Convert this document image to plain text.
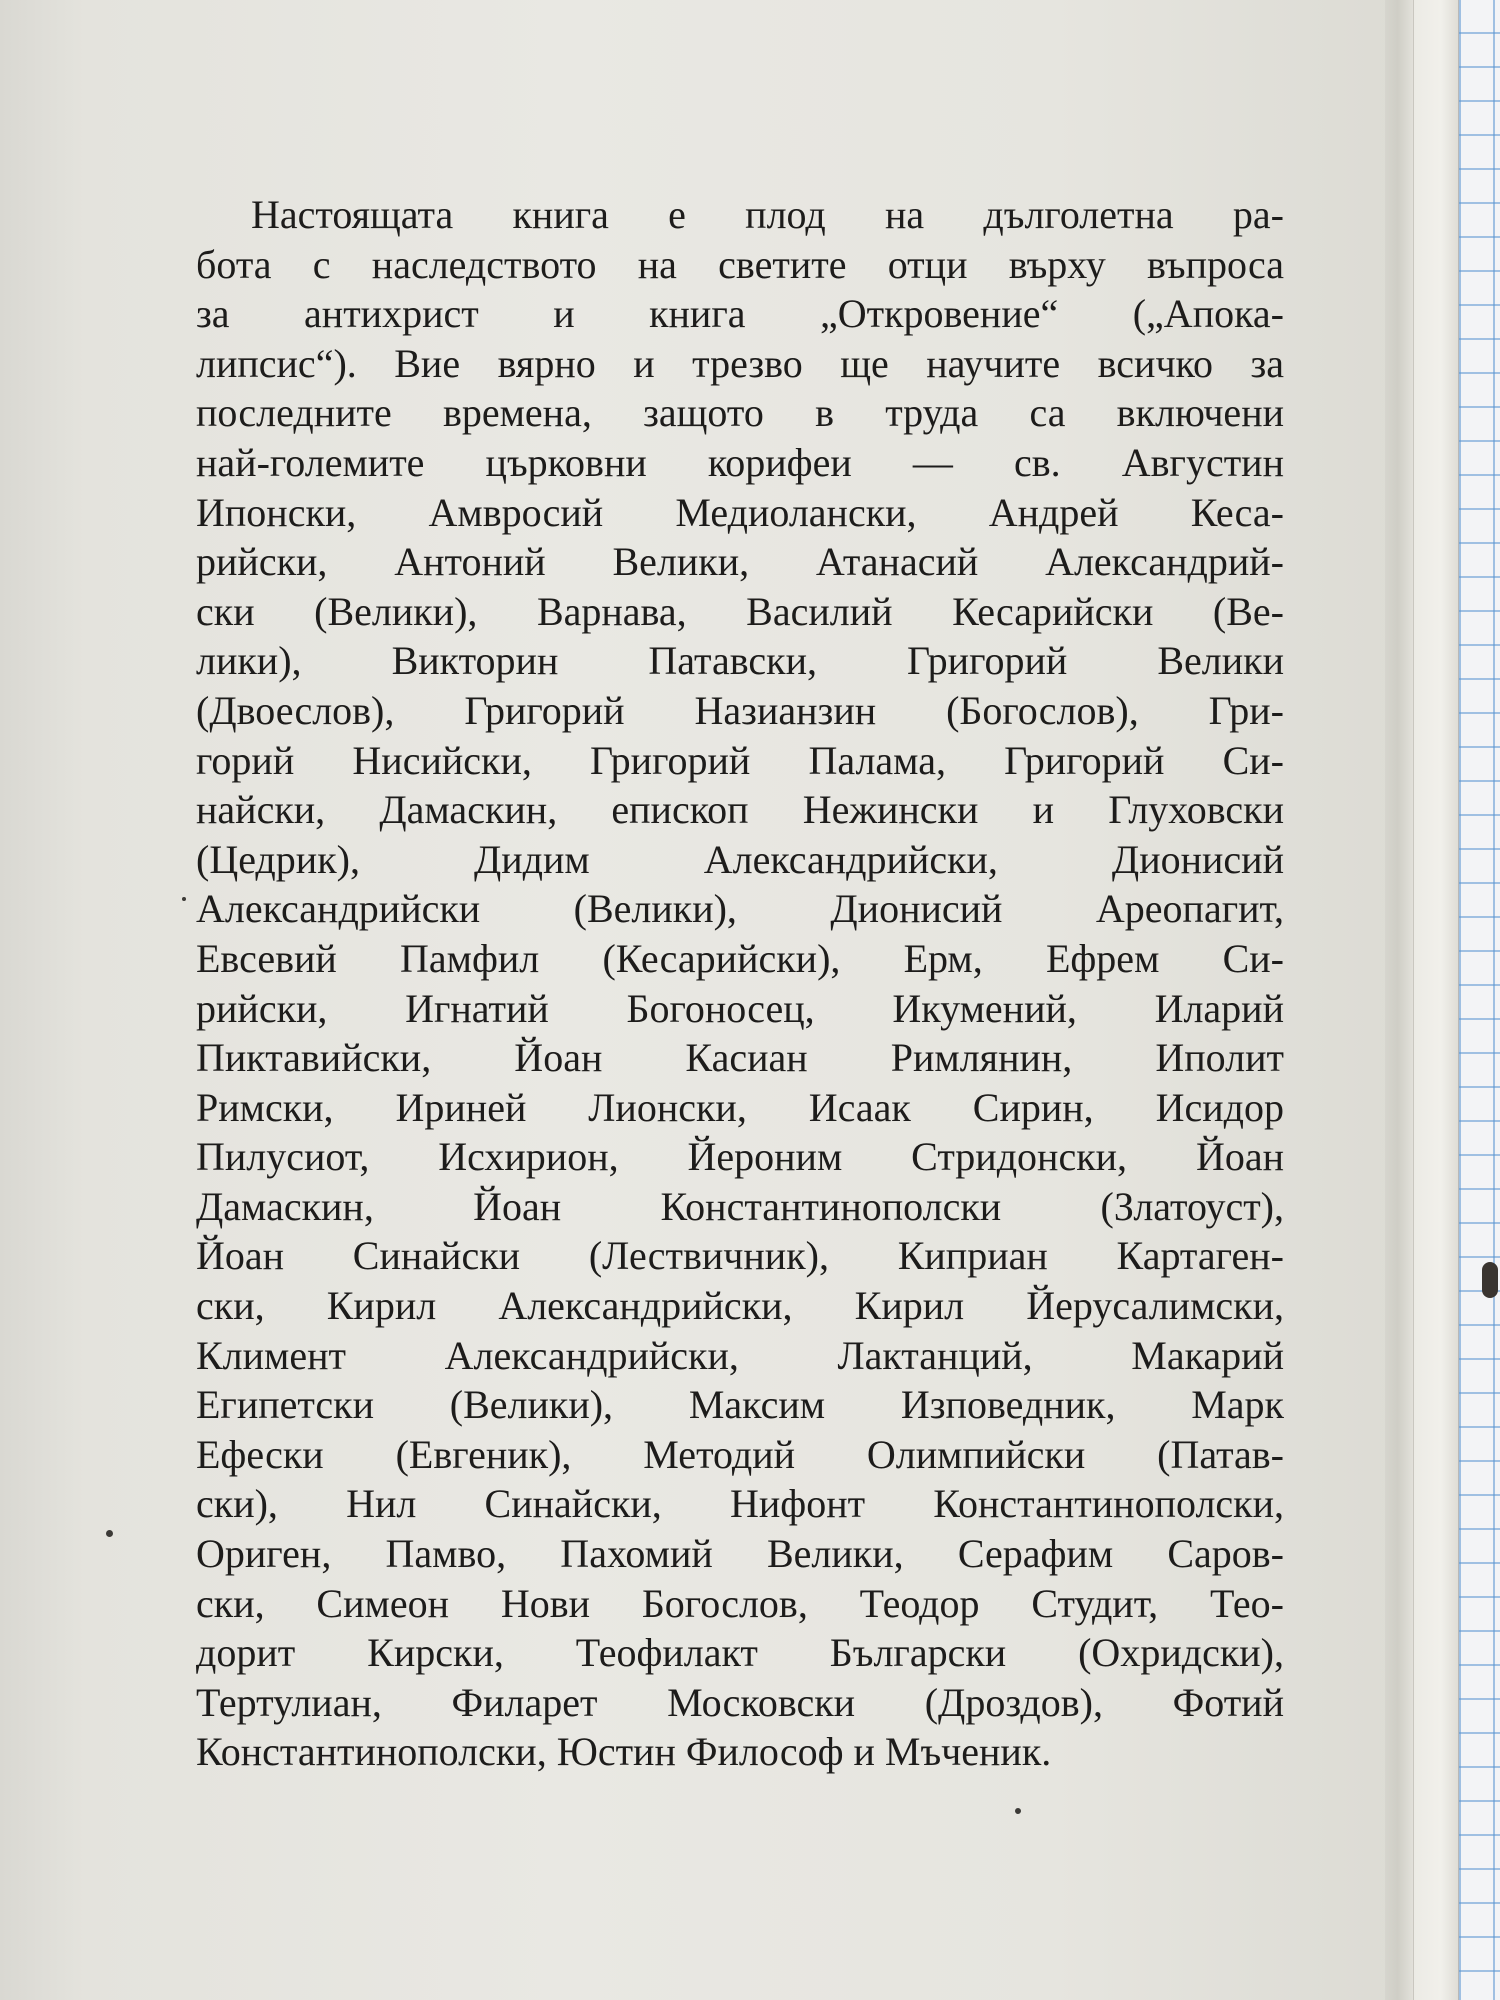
Настоящата книга е плод на дълголетна ра-
бота с наследството на светите отци върху въпроса
за антихрист и книга „Откровение“ („Апока-
липсис“). Вие вярно и трезво ще научите всичко за
последните времена, защото в труда са включени
най-големите църковни корифеи — св. Августин
Ипонски, Амвросий Медиолански, Андрей Кеса-
рийски, Антоний Велики, Атанасий Александрий-
ски (Велики), Варнава, Василий Кесарийски (Ве-
лики), Викторин Патавски, Григорий Велики
(Двоеслов), Григорий Назианзин (Богослов), Гри-
горий Нисийски, Григорий Палама, Григорий Си-
найски, Дамаскин, епископ Нежински и Глуховски
(Цедрик), Дидим Александрийски, Дионисий
Александрийски (Велики), Дионисий Ареопагит,
Евсевий Памфил (Кесарийски), Ерм, Ефрем Си-
рийски, Игнатий Богоносец, Икумений, Иларий
Пиктавийски, Йоан Касиан Римлянин, Иполит
Римски, Ириней Лионски, Исаак Сирин, Исидор
Пилусиот, Исхирион, Йероним Стридонски, Йоан
Дамаскин, Йоан Константинополски (Златоуст),
Йоан Синайски (Лествичник), Киприан Картаген-
ски, Кирил Александрийски, Кирил Йерусалимски,
Климент Александрийски, Лактанций, Макарий
Египетски (Велики), Максим Изповедник, Марк
Ефески (Евгеник), Методий Олимпийски (Патав-
ски), Нил Синайски, Нифонт Константинополски,
Ориген, Памво, Пахомий Велики, Серафим Саров-
ски, Симеон Нови Богослов, Теодор Студит, Тео-
дорит Кирски, Теофилакт Български (Охридски),
Тертулиан, Филарет Московски (Дроздов), Фотий
Константинополски, Юстин Философ и Мъченик.
